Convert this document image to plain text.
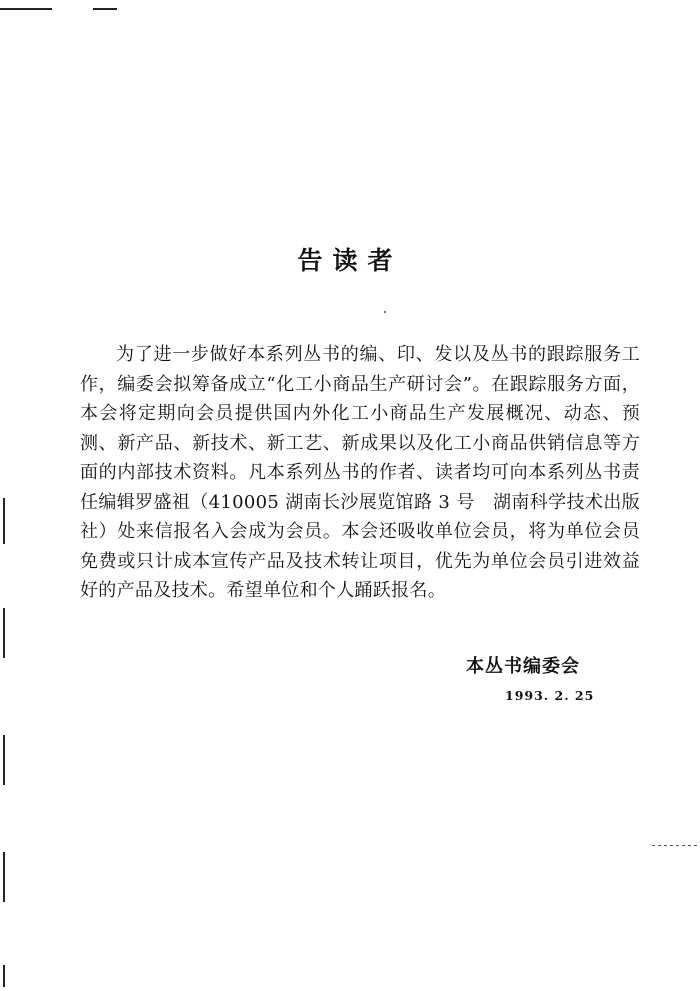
告读者

为了进一步做好本系列丛书的编、印、发以及丛书的跟踪服务工作，编委会拟筹备成立“化工小商品生产研讨会”。在跟踪服务方面，本会将定期向会员提供国内外化工小商品生产发展概况、动态、预测、新产品、新技术、新工艺、新成果以及化工小商品供销信息等方面的内部技术资料。凡本系列丛书的作者、读者均可向本系列丛书责任编辑罗盛祖（410005 湖南长沙展览馆路 3 号　湖南科学技术出版社）处来信报名入会成为会员。本会还吸收单位会员，将为单位会员免费或只计成本宣传产品及技术转让项目，优先为单位会员引进效益好的产品及技术。希望单位和个人踊跃报名。

本丛书编委会
1993. 2. 25
